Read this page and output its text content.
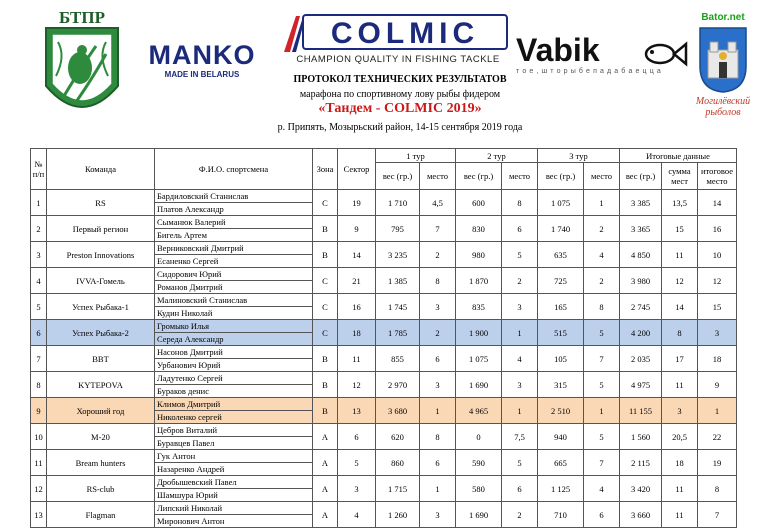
БТПР
MANKO
MADE IN BELARUS
COLMIC
CHAMPION QUALITY IN FISHING TACKLE Vabik
т о е , ш т о р ы б е п а д а б а е ц ц а
Bator.net
Могилёвский
рыболов
ПРОТОКОЛ ТЕХНИЧЕСКИХ РЕЗУЛЬТАТОВ
марафона по спортивному лову рыбы фидером
«Тандем - COLMIC 2019»
р. Припять, Мозырьский район, 14-15 сентября 2019 года
№
п/п	Команда	Ф.И.О. спортсмена	Зона	Сектор	1 тур		2 тур		3 тур		Итоговые данные		
					вес (гр.)	место	вес (гр.)	место	вес (гр.)	место	вес (гр.)	сумма мест	итоговое место
1	RS	Бардиловский Станислав
Платов Александр	C	19	1 710	4,5	600	8	1 075	1	3 385	13,5	14
2	Первый регион	Сыманюк Валерий
Бигель Артем	B	9	795	7	830	6	1 740	2	3 365	15	16
3	Preston Innovations	Верниковский Дмитрий
Есаненко Сергей	B	14	3 235	2	980	5	635	4	4 850	11	10
4	IVVA-Гомель	Сидорович Юрий
Романов Дмитрий	C	21	1 385	8	1 870	2	725	2	3 980	12	12
5	Успех Рыбака-1	Малиновский Станислав
Кудин Николай	C	16	1 745	3	835	3	165	8	2 745	14	15
6	Успех Рыбака-2	Громыко Илья
Середа Александр	C	18	1 785	2	1 900	1	515	5	4 200	8	3
7	BBT	Насонов Дмитрий
Урбанович Юрий	B	11	855	6	1 075	4	105	7	2 035	17	18
8	KYTEPOVA	Ладутенко Сергей
Бураков денис	B	12	2 970	3	1 690	3	315	5	4 975	11	9
9	Хороший год	Климов Дмитрий
Николенко сергей	B	13	3 680	1	4 965	1	2 510	1	11 155	3	1
10	М-20	Цебров Виталий
Буравцев Павел	A	6	620	8	0	7,5	940	5	1 560	20,5	22
11	Bream hunters	Гук Антон
Назаренко Андрей	A	5	860	6	590	5	665	7	2 115	18	19
12	RS-club	Дробышевский Павел
Шамшура Юрий	A	3	1 715	1	580	6	1 125	4	3 420	11	8
13	Flagman	Липский Николай
Миронович Антон	A	4	1 260	3	1 690	2	710	6	3 660	11	7
